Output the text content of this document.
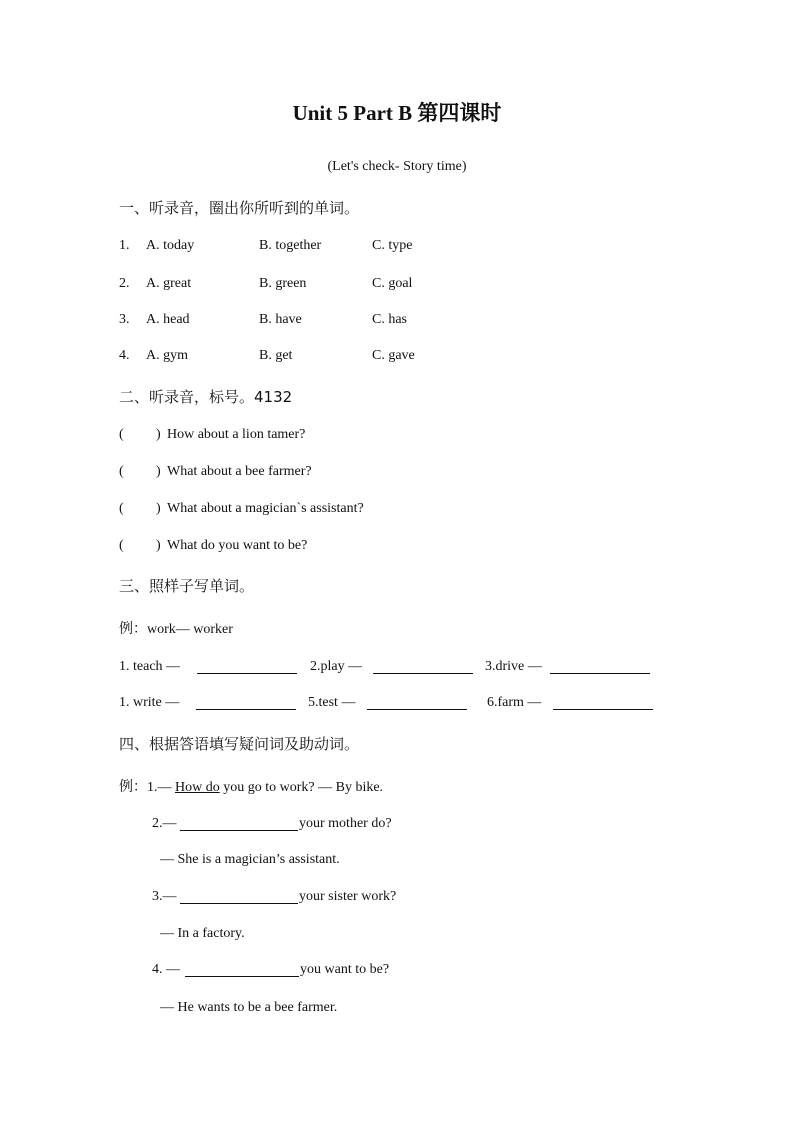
Unit 5 Part B 第四课时
(Let's check- Story time)
一、听录音，圈出你所听到的单词。
1. A. today	B. together	C. type
2. A. great	B. green	C. goal
3. A. head	B. have	C. has
4. A. gym	B. get	C. gave
二、听录音，标号。4132
( ) How about a lion tamer?
( ) What about a bee farmer?
( ) What about a magician`s assistant?
( ) What do you want to be?
三、照样子写单词。
例：work— worker
1. teach —	2.play —	3.drive —
1. write —	5.test —	6.farm —
四、根据答语填写疑问词及助动词。
例：1.— How do you go to work? — By bike.
2.—	your mother do?
— She is a magician’s assistant.
3.—	your sister work?
— In a factory.
4. —	you want to be?
— He wants to be a bee farmer.
